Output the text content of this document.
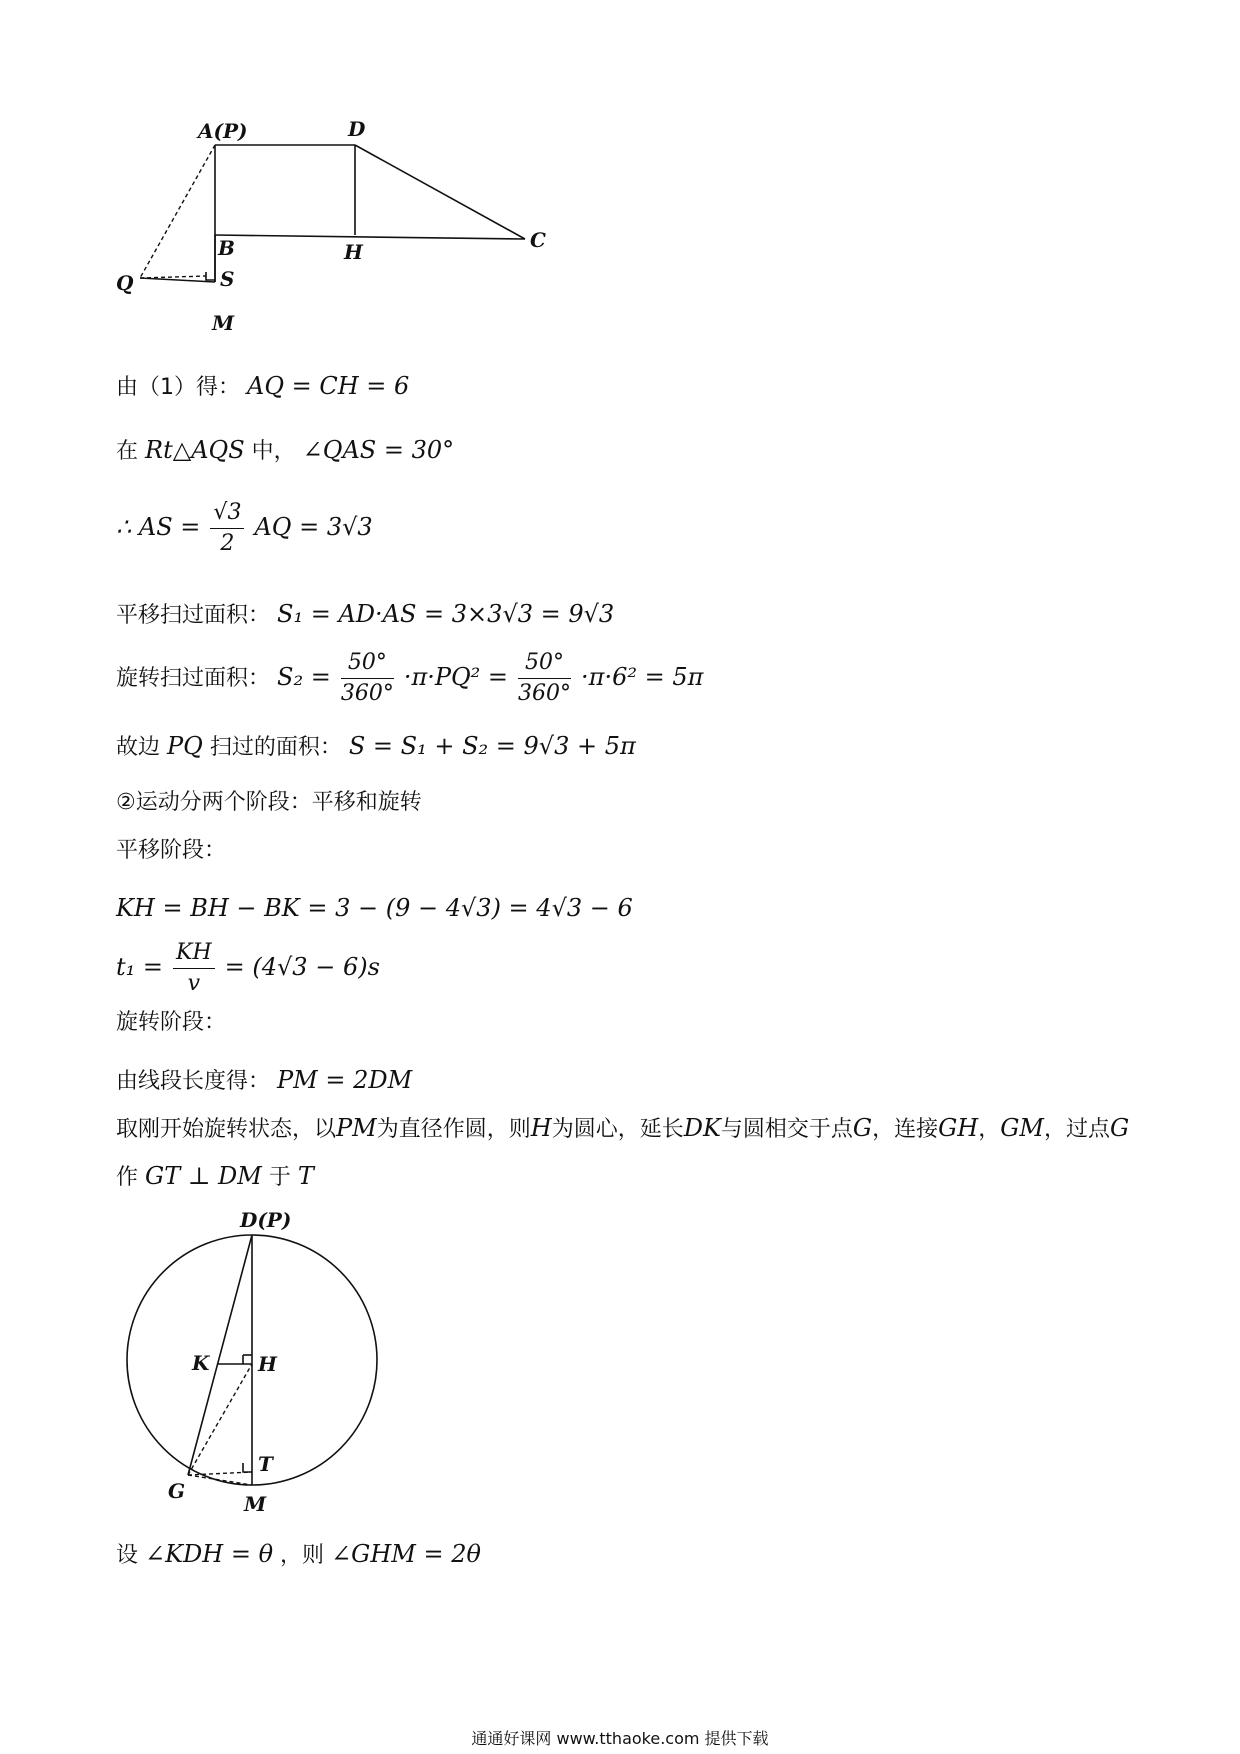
A(P)	D
B	H	C
Q	S
M
由（1）得： AQ = CH = 6
在 Rt△AQS 中， ∠QAS = 30°
∴ AS = $\frac{√3}{2}$ AQ = 3√3
平移扫过面积： S₁ = AD·AS = 3×3√3 = 9√3
旋转扫过面积： $S_2 = \frac{50^\circ}{360^\circ} \cdot\pi\cdot PQ^2 = \frac{50^\circ}{360^\circ} \cdot\pi\cdot 6^2 = 5\pi$
故边 PQ 扫过的面积： S = S₁ + S₂ = 9√3 + 5π
②运动分两个阶段：平移和旋转
平移阶段：
KH = BH − BK = 3 − (9 − 4√3) = 4√3 − 6
$t_1 = \frac{KH}{v} = (4√3 - 6)s$
旋转阶段：
由线段长度得： PM = 2DM
取刚开始旋转状态，以PM为直径作圆，则H为圆心，延长DK与圆相交于点G，连接GH，GM，过点G
作 GT ⊥ DM 于 T
D(P)
K H
T
G
M
设 ∠KDH = θ ，则 ∠GHM = 2θ
通通好课网 www.tthaoke.com 提供下载
